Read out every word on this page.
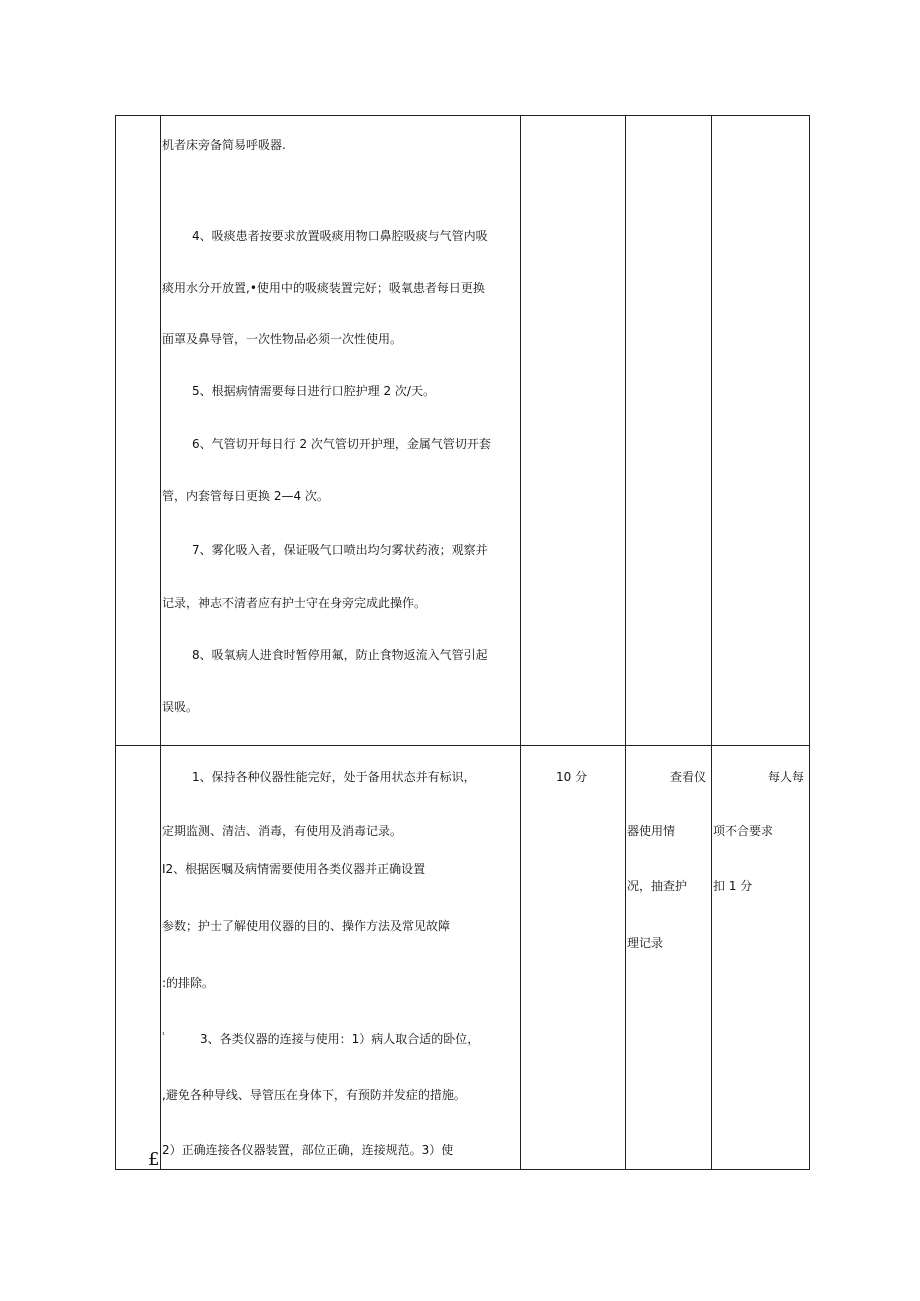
机者床旁备简易呼吸器.
4、吸痰患者按要求放置吸痰用物口鼻腔吸痰与气管内吸
痰用水分开放置,•使用中的吸痰装置完好；吸氧患者每日更换
面罩及鼻导管，一次性物品必须一次性使用。
5、根据病情需要每日进行口腔护理 2 次/天。
6、气管切开每日行 2 次气管切开护理，金属气管切开套
管，内套管每日更换 2—4 次。
7、雾化吸入者，保证吸气口喷出均匀雾状药液；观察并
记录，神志不清者应有护士守在身旁完成此操作。
8、吸氧病人进食时暂停用氟，防止食物返流入气管引起
误吸。
1、保持各种仪器性能完好，处于备用状态并有标识，
定期监测、清洁、消毒，有使用及消毒记录。
I2、根据医嘱及病情需要使用各类仪器并正确设置
参数；护士了解使用仪器的目的、操作方法及常见故障
:的排除。
¹	3、各类仪器的连接与使用：1）病人取合适的卧位，
,避免各种导线、导管压在身体下，有预防并发症的措施。
2）正确连接各仪器装置，部位正确，连接规范。3）使
£
10 分	查看仪
器使用情
况，抽查护
理记录
每人每
项不合要求
扣 1 分
